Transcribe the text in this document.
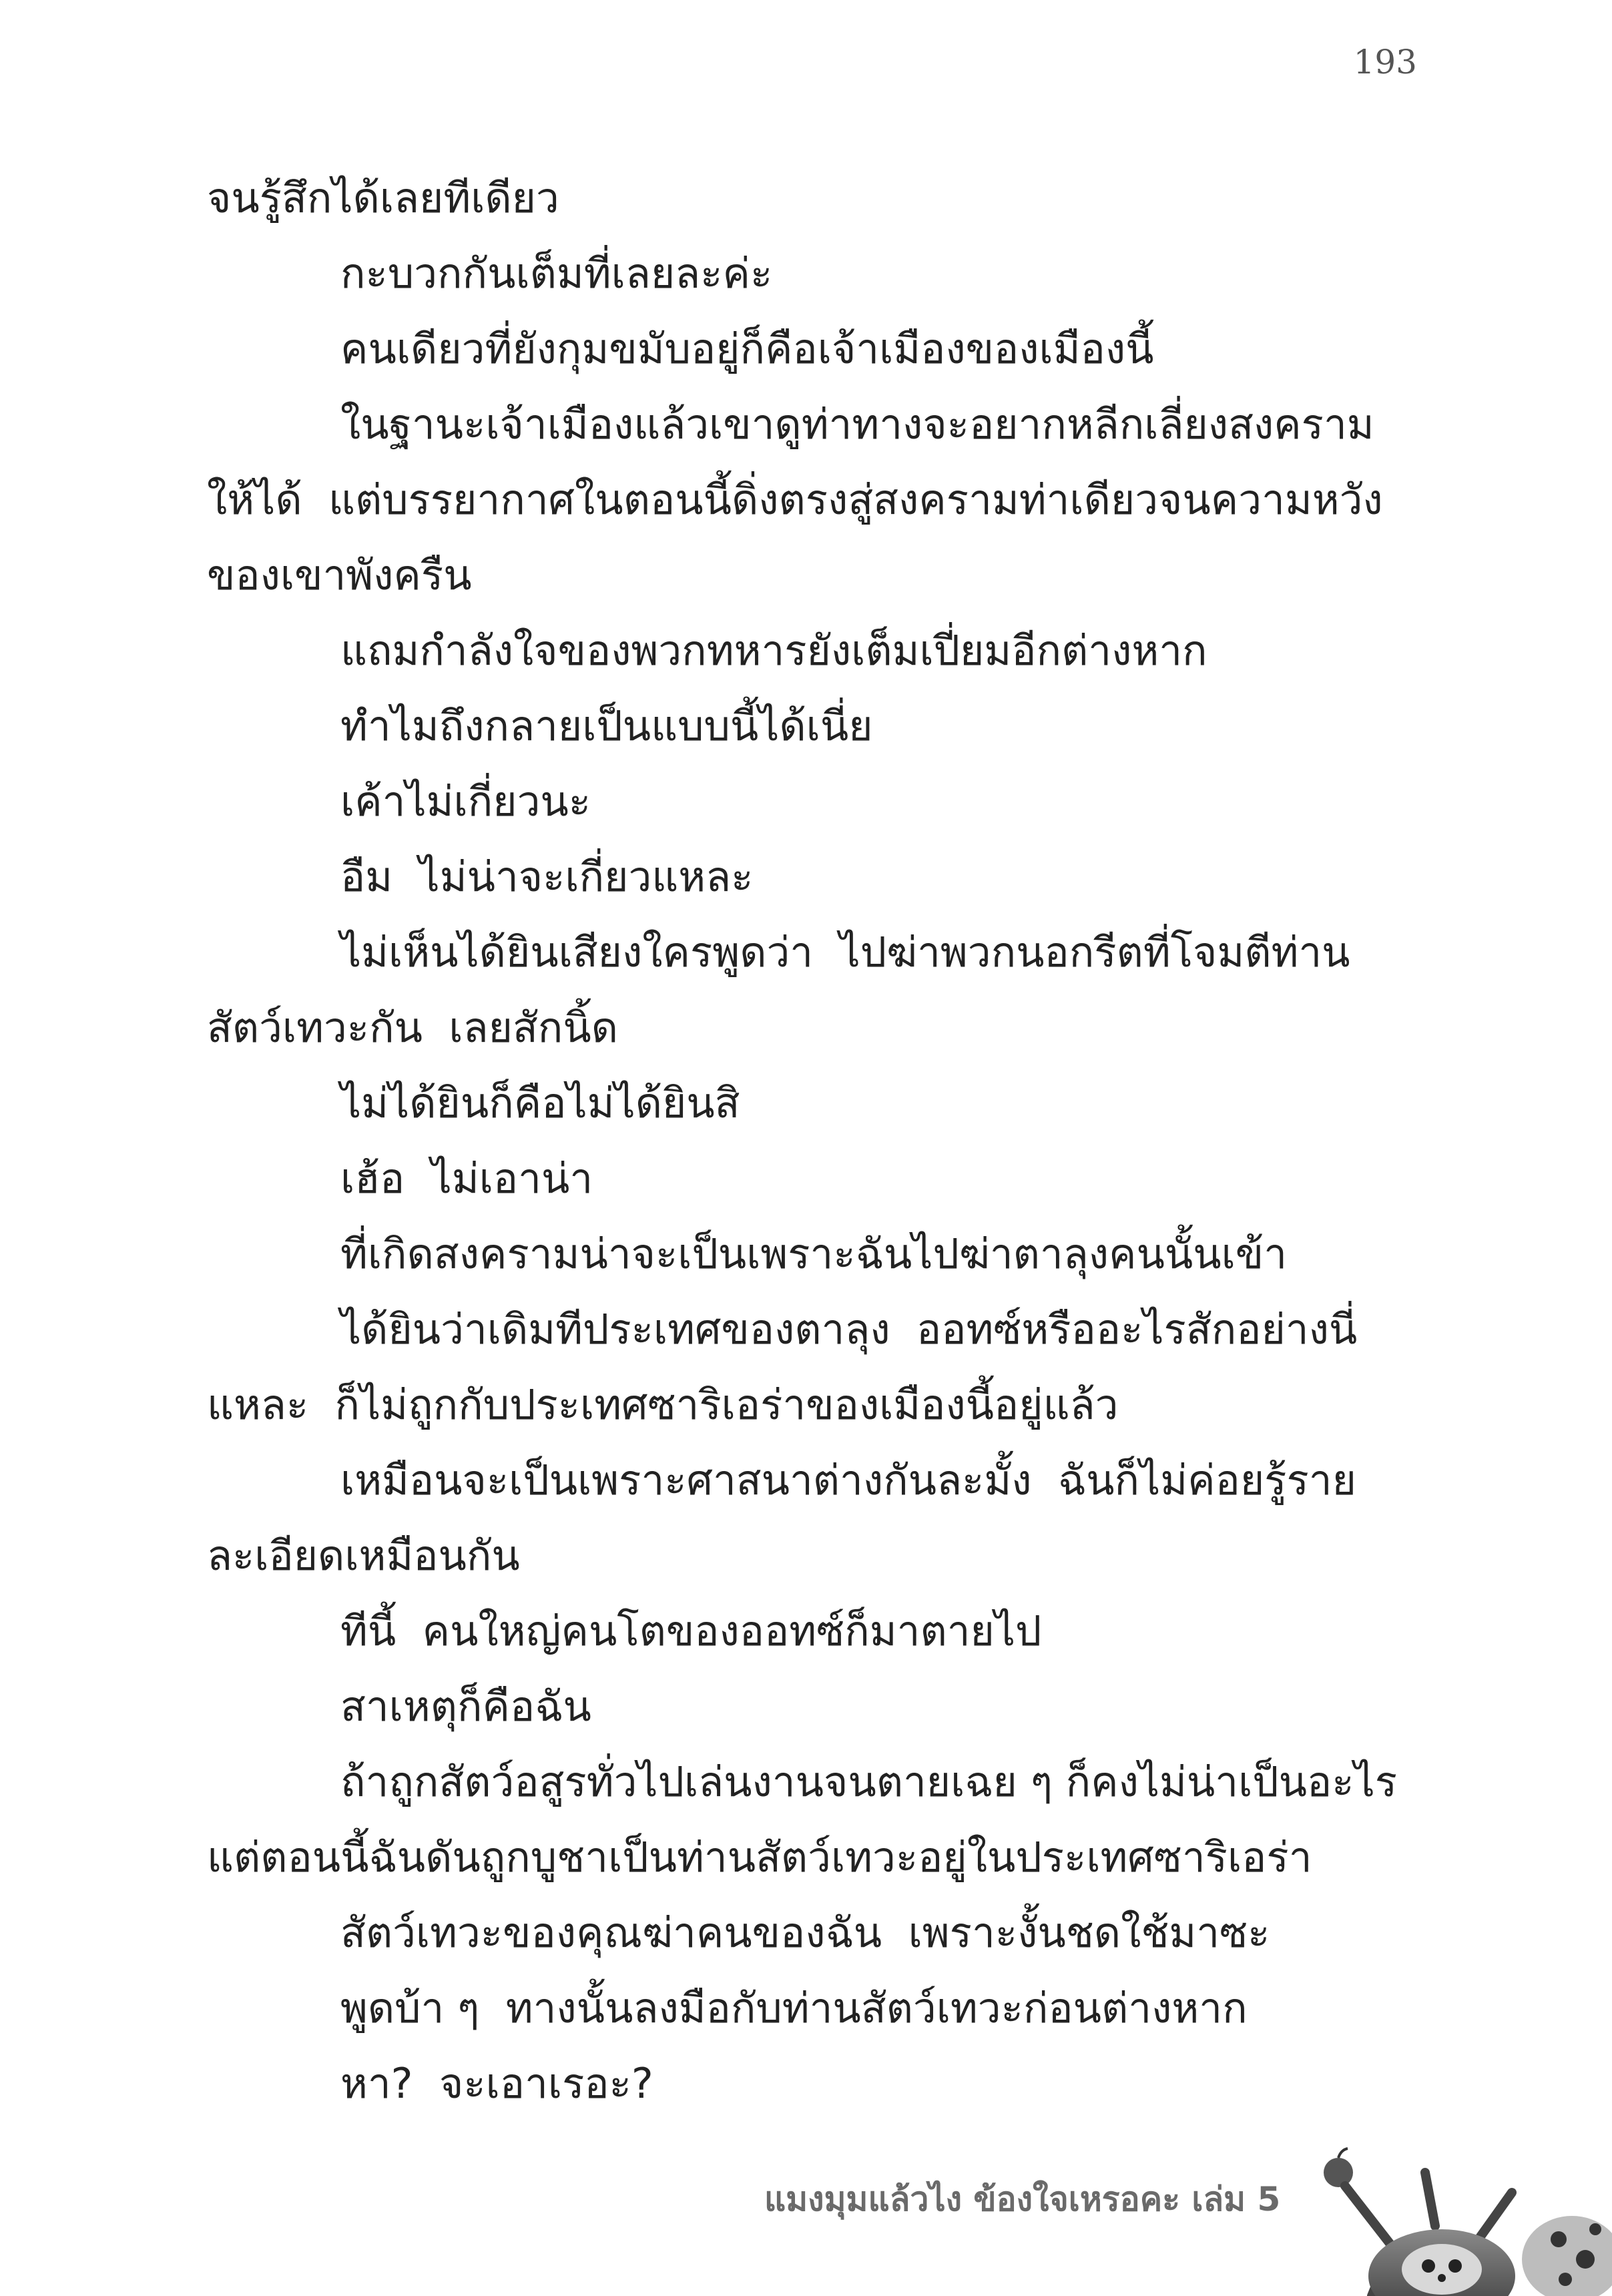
193

จนรู้สึกได้เลยทีเดียว

กะบวกกันเต็มที่เลยละค่ะ

คนเดียวที่ยังกุมขมับอยู่ก็คือเจ้าเมืองของเมืองนี้

ในฐานะเจ้าเมืองแล้วเขาดูท่าทางจะอยากหลีกเลี่ยงสงครามให้ได้  แต่บรรยากาศในตอนนี้ดิ่งตรงสู่สงครามท่าเดียวจนความหวังของเขาพังครืน

แถมกำลังใจของพวกทหารยังเต็มเปี่ยมอีกต่างหาก

ทำไมถึงกลายเป็นแบบนี้ได้เนี่ย

เค้าไม่เกี่ยวนะ

อืม  ไม่น่าจะเกี่ยวแหละ

ไม่เห็นได้ยินเสียงใครพูดว่า  ไปฆ่าพวกนอกรีตที่โจมตีท่านสัตว์เทวะกัน  เลยสักนิ้ด

ไม่ได้ยินก็คือไม่ได้ยินสิ

เฮ้อ  ไม่เอาน่า

ที่เกิดสงครามน่าจะเป็นเพราะฉันไปฆ่าตาลุงคนนั้นเข้า

ได้ยินว่าเดิมทีประเทศของตาลุง  ออทซ์หรืออะไรสักอย่างนี่แหละ  ก็ไม่ถูกกับประเทศซาริเอร่าของเมืองนี้อยู่แล้ว

เหมือนจะเป็นเพราะศาสนาต่างกันละมั้ง  ฉันก็ไม่ค่อยรู้รายละเอียดเหมือนกัน

ทีนี้  คนใหญ่คนโตของออทซ์ก็มาตายไป

สาเหตุก็คือฉัน

ถ้าถูกสัตว์อสูรทั่วไปเล่นงานจนตายเฉย ๆ ก็คงไม่น่าเป็นอะไรแต่ตอนนี้ฉันดันถูกบูชาเป็นท่านสัตว์เทวะอยู่ในประเทศซาริเอร่า

สัตว์เทวะของคุณฆ่าคนของฉัน  เพราะงั้นชดใช้มาซะ

พูดบ้า ๆ  ทางนั้นลงมือกับท่านสัตว์เทวะก่อนต่างหาก

หา?  จะเอาเรอะ?

แมงมุมแล้วไง ข้องใจเหรอคะ เล่ม 5
